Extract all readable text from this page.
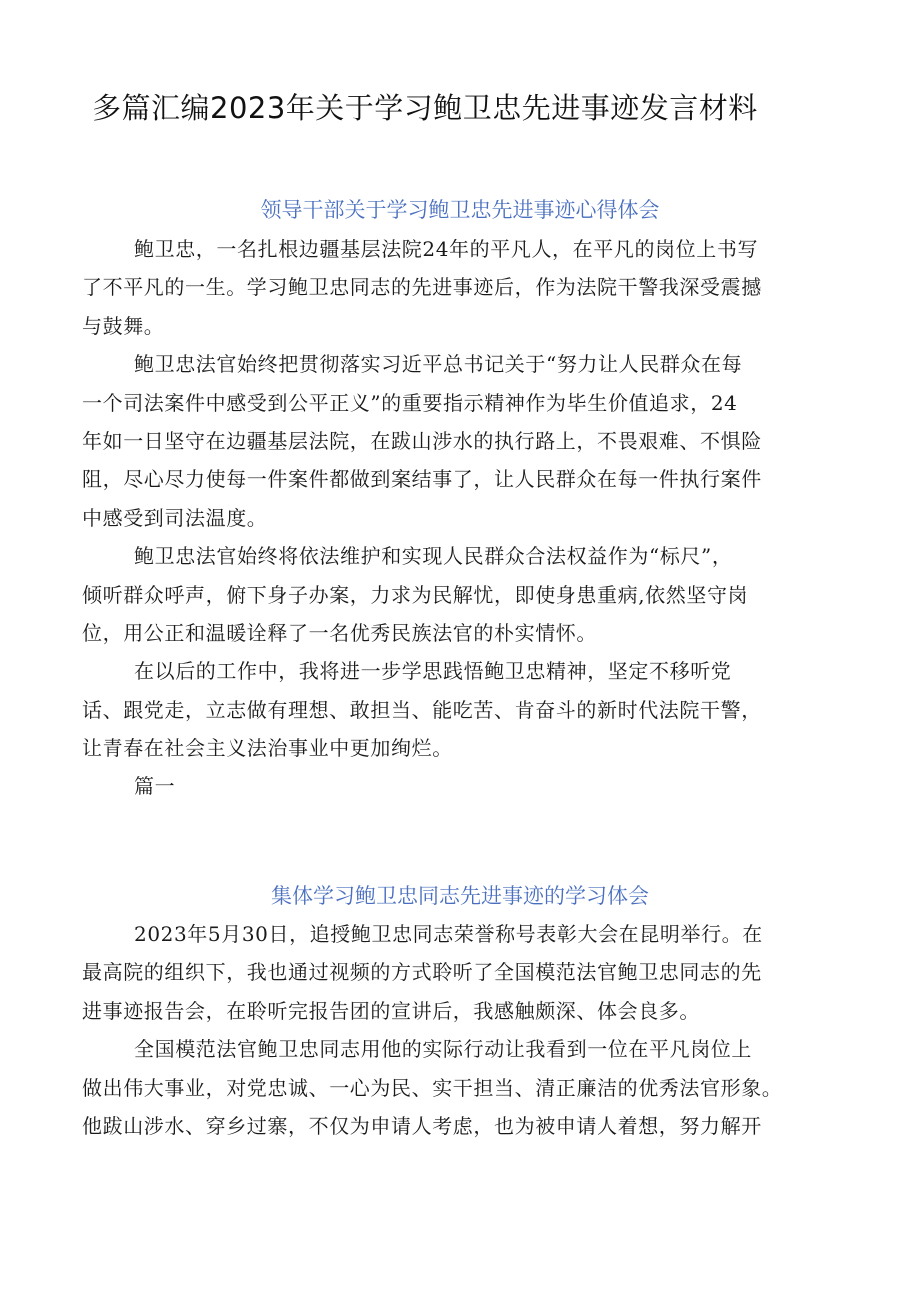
多篇汇编2023年关于学习鲍卫忠先进事迹发言材料
领导干部关于学习鲍卫忠先进事迹心得体会
鲍卫忠，一名扎根边疆基层法院24年的平凡人，在平凡的岗位上书写
了不平凡的一生。学习鲍卫忠同志的先进事迹后，作为法院干警我深受震撼
与鼓舞。
鲍卫忠法官始终把贯彻落实习近平总书记关于“努力让人民群众在每
一个司法案件中感受到公平正义”的重要指示精神作为毕生价值追求，24
年如一日坚守在边疆基层法院，在跋山涉水的执行路上，不畏艰难、不惧险
阻，尽心尽力使每一件案件都做到案结事了，让人民群众在每一件执行案件
中感受到司法温度。
鲍卫忠法官始终将依法维护和实现人民群众合法权益作为“标尺”，
倾听群众呼声，俯下身子办案，力求为民解忧，即使身患重病,依然坚守岗
位，用公正和温暖诠释了一名优秀民族法官的朴实情怀。
在以后的工作中，我将进一步学思践悟鲍卫忠精神，坚定不移听党
话、跟党走，立志做有理想、敢担当、能吃苦、肯奋斗的新时代法院干警，
让青春在社会主义法治事业中更加绚烂。
篇一
集体学习鲍卫忠同志先进事迹的学习体会
2023年5月30日，追授鲍卫忠同志荣誉称号表彰大会在昆明举行。在
最高院的组织下，我也通过视频的方式聆听了全国模范法官鲍卫忠同志的先
进事迹报告会，在聆听完报告团的宣讲后，我感触颇深、体会良多。
全国模范法官鲍卫忠同志用他的实际行动让我看到一位在平凡岗位上
做出伟大事业，对党忠诚、一心为民、实干担当、清正廉洁的优秀法官形象。
他跋山涉水、穿乡过寨，不仅为申请人考虑，也为被申请人着想，努力解开
